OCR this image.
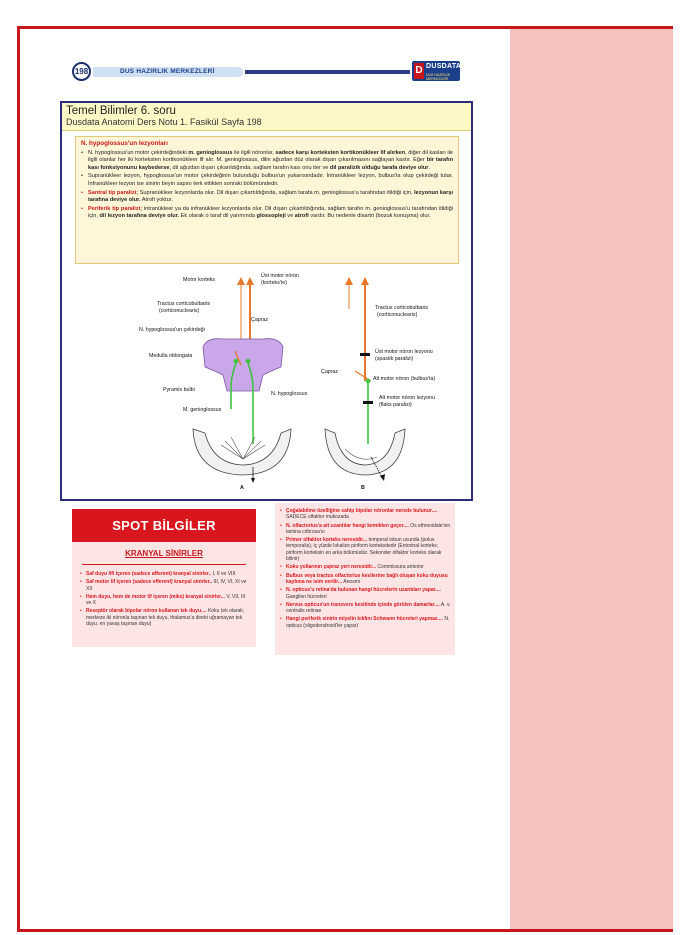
198	DUS HAZIRLIK MERKEZLERİ	D DUSDATA
DUS HAZIRLIK MERKEZLERİ
Temel Bilimler 6. soru
Dusdata Anatomi Ders Notu 1. Fasikül Sayfa 198
N. hypoglossus'un lezyonları
• N. hypoglossus'un motor çekirdeğindeki m. genioglossus ile ilgili nöronlar, sadece karşı korteksten kortikonükleer lif alırken, diğer dil kasları ile ilgili olanlar her iki korteksten kortikonükleer lif alır. M. genioglossus, dilin ağızdan düz olarak dışarı çıkarılmasını sağlayan kastır. Eğer bir tarafın kası fonksiyonunu kaybederse, dil ağızdan dışarı çıkarıldığında, sağlam tarafın kası onu iter ve dil paralizik olduğu tarafa deviye olur.
• Supranükleer lezyon, hypoglossus'un motor çekirdeğinin bulunduğu bulbus'un yukarısındadır. İntranükleer lezyon, bulbus'ta olup çekirdeği tutar. İnfranükleer lezyon ise sinirin beyin sapını terk ettikten sonraki bölümündedir.
• Santral tip paralizi; Supranükleer lezyonlarda olur. Dil dışarı çıkartıldığında, sağlam tarafa m. genioglossus'u tarafından itildiği için, lezyonun karşı tarafına deviye olur. Atrofi yoktur.
• Periferik tip paralizi; intranükleer ya da infranükleer lezyonlarda olur. Dil dışarı çıkartıldığında, sağlam tarafın m. genioglossus'u tarafından itildiği için, dil lezyon tarafına deviye olur. Ek olarak o taraf dil yarımında glossopleji ve atrofi vardır. Bu nedenle disartri (bozuk konuşma) olur.
Motor korteks
Üst motor nöron
(korteks'te)
Tractus corticobulbaris
(corticonuclearis)	Tractus corticobulbaris
(corticonuclearis)
Çapraz
N. hypoglossus'un çekirdeği
Medulla oblongata
Üst motor nöron lezyonu
(spastik paralizi)
Çapraz
Alt motor nöron (bulbus'ta)
Pyramis bulbi
N. hypoglossus
Alt motor nöron lezyonu
(flaks paralizi)
M. genioglossus
A	B
SPOT BİLGİLER
KRANYAL SİNİRLER
• Saf duyu lifi içeren (sadece afferent) kranyal sinirler.. I, II ve VIII
• Saf motor lif içeren (sadece efferent) kranyal sinirler.. III, IV, VI, XI ve XII
• Hem duyu, hem de motor lif içeren (miks) kranyal sinirler... V, VII, IX ve X
• Reseptör olarak bipolar nöron kullanan tek duyu.... Koku (ek olarak; merkeze iki nöronla taşınan tek duyu, thalamus'a direkt uğramayan tek duyu, en yavaş taşınan duyu)
• Çoğalabilme özelliğine sahip bipolar nöronlar nerede bulunur.... SADECE olfaktor mukozada
• N. olfactorius'a ait uzantılar hangi kemikten geçer.... Os ethmoidale'nin lamina cribrosa'sı
• Primer olfaktor korteks neresidir... temporal lobun ucunda (polus temporalis), iç yüzde lokalize piriform korteksitedir (Entorinal korteks; piriform korteksin en arka bölümüdür. Sekonder olfaktor korteks olarak bilinir)
• Koku yollarının çapraz yeri neresidir... Commissura anterior
• Bulbus veya tractus olfactorius kesilerine bağlı oluşan koku duyusu kaybına ne isim verilir... Anosmi
• N. opticus'u retina'da bulunan hangi hücrelerin uzantıları yapar.... Ganglion hücreleri
• Nervus opticus'un transvers kesitinde içinde görülen damarlar.... A. v. centralis retinae
• Hangi periferik sinirin miyelin kılıfını Schwann hücreleri yapmaz.... N. opticus (oligodendrosit'ler yapar)
